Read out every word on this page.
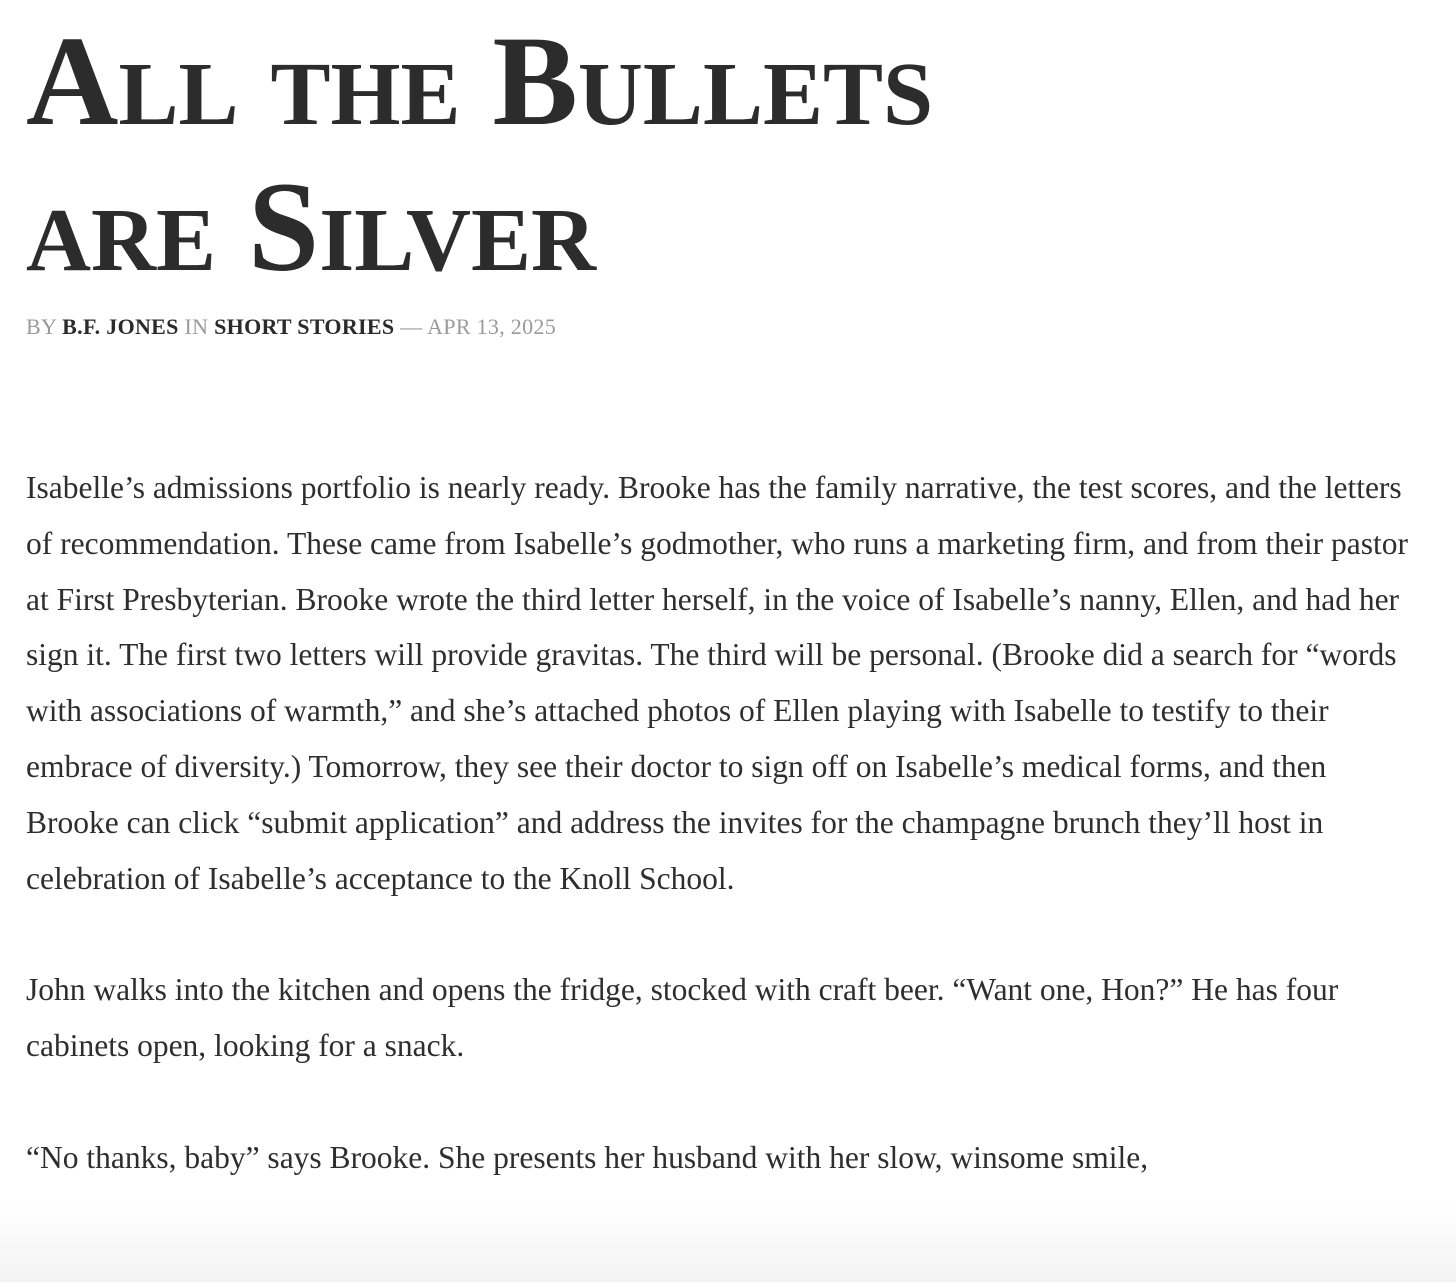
All the Bullets
are Silver
BY B.F. JONES IN SHORT STORIES — APR 13, 2025

Isabelle’s admissions portfolio is nearly ready. Brooke has the family narrative, the test scores, and the letters of recommendation. These came from Isabelle’s godmother, who runs a marketing firm, and from their pastor at First Presbyterian. Brooke wrote the third letter herself, in the voice of Isabelle’s nanny, Ellen, and had her sign it. The first two letters will provide gravitas. The third will be personal. (Brooke did a search for “words with associations of warmth,” and she’s attached photos of Ellen playing with Isabelle to testify to their embrace of diversity.) Tomorrow, they see their doctor to sign off on Isabelle’s medical forms, and then Brooke can click “submit application” and address the invites for the champagne brunch they’ll host in celebration of Isabelle’s acceptance to the Knoll School.

John walks into the kitchen and opens the fridge, stocked with craft beer. “Want one, Hon?” He has four cabinets open, looking for a snack.

“No thanks, baby” says Brooke. She presents her husband with her slow, winsome smile,
